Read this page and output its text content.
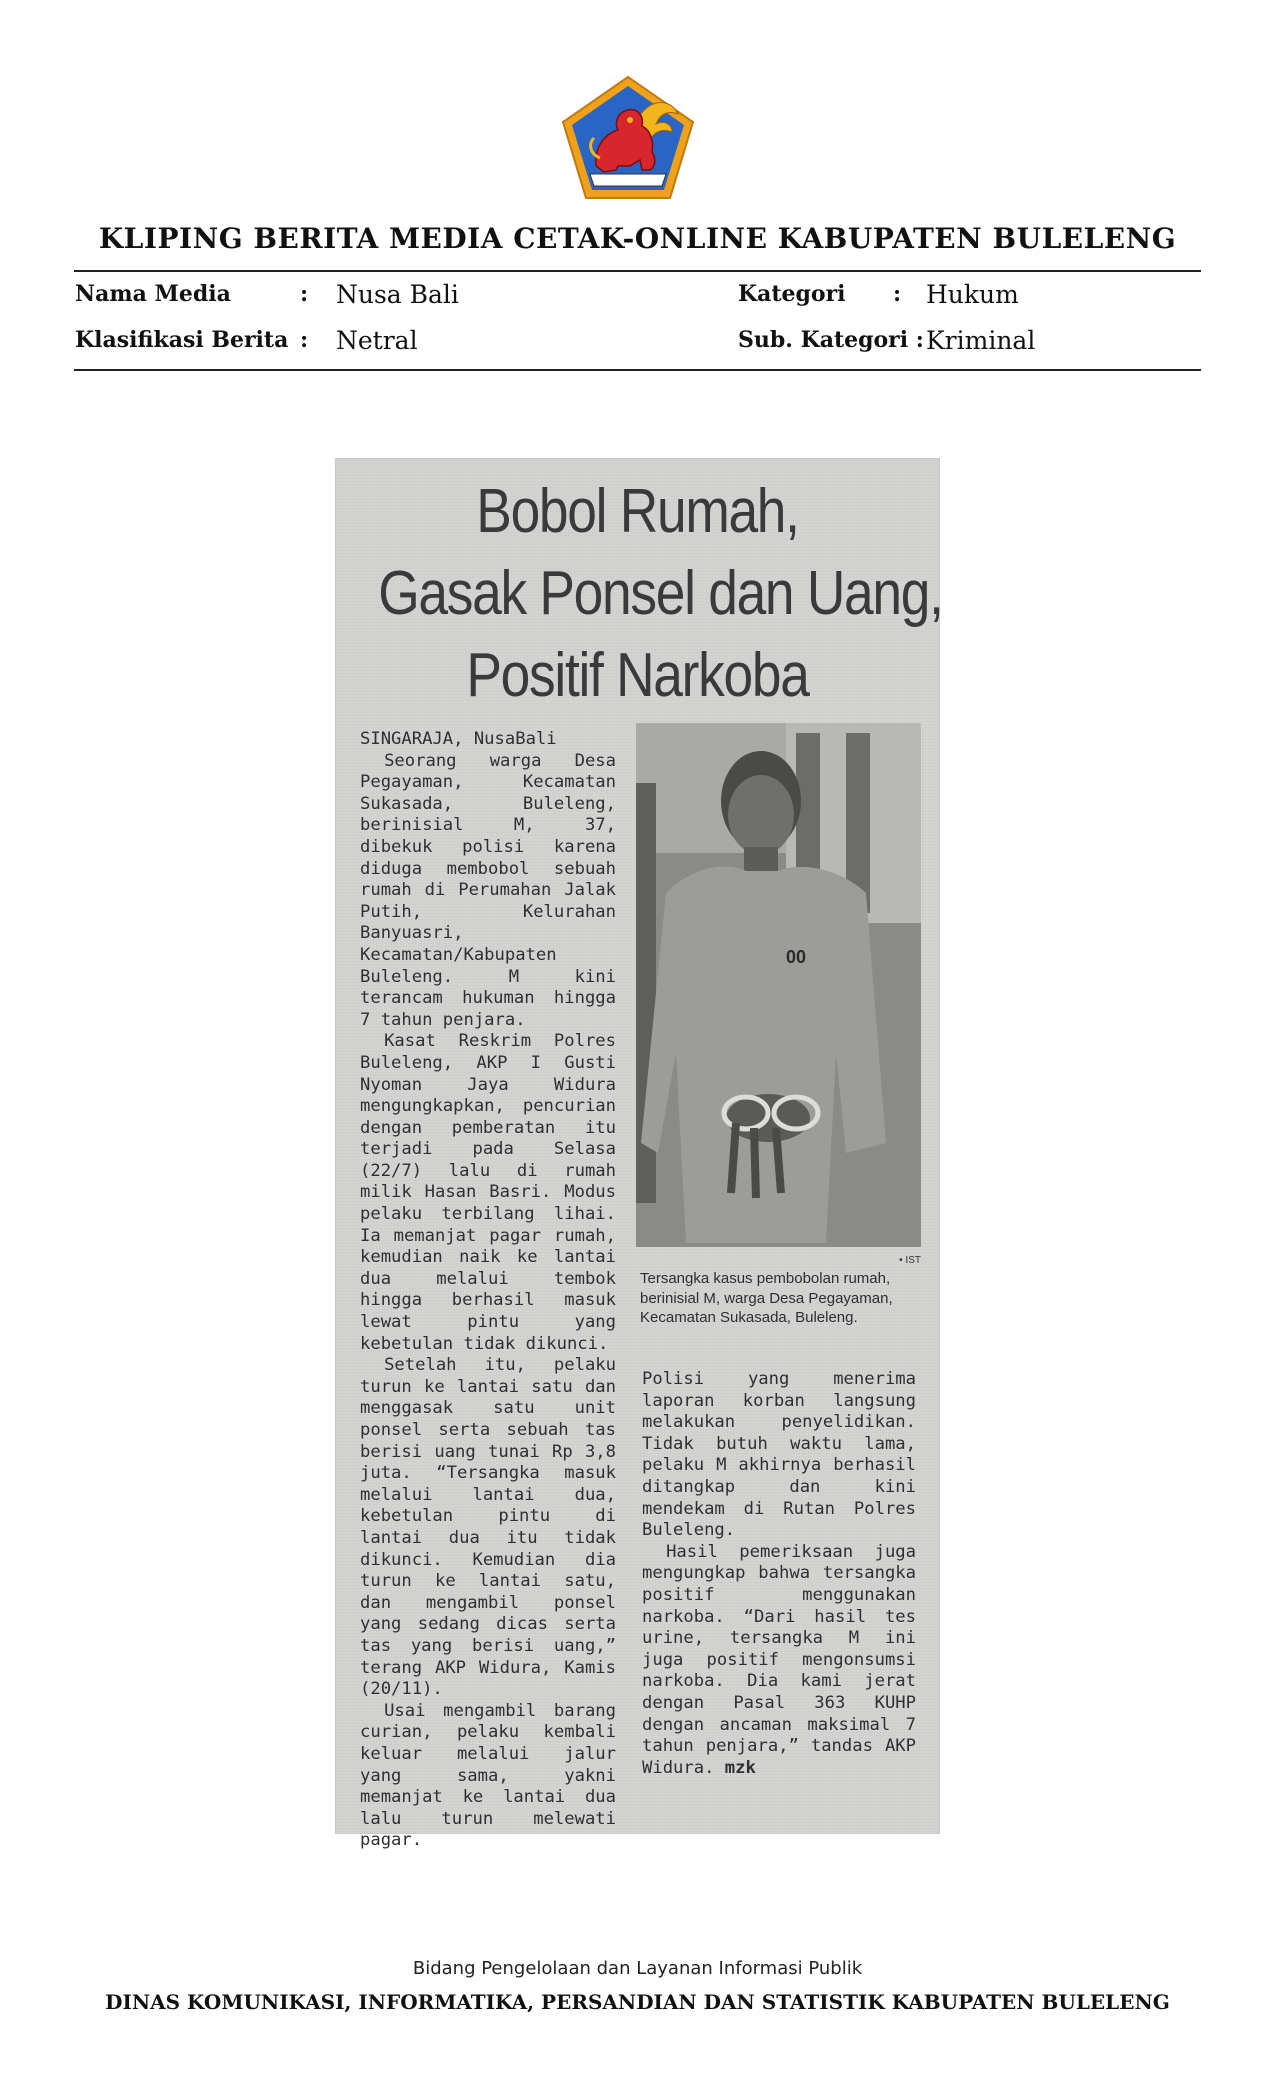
KLIPING BERITA MEDIA CETAK-ONLINE KABUPATEN BULELENG
Nama Media	: Nusa Bali
Klasifikasi Berita : Netral
Kategori : Hukum
Sub. Kategori : Kriminal
Bobol Rumah,
Gasak Ponsel dan Uang,
Positif Narkoba

SINGARAJA, NusaBali

Seorang warga Desa Pegayaman, Kecamatan Sukasada, Buleleng, berinisial M, 37, dibekuk polisi karena diduga membobol sebuah rumah di Perumahan Jalak Putih, Kelurahan Banyuasri, Kecamatan/Kabupaten Buleleng. M kini terancam hukuman hingga 7 tahun penjara.

Kasat Reskrim Polres Buleleng, AKP I Gusti Nyoman Jaya Widura mengungkapkan, pencurian dengan pemberatan itu terjadi pada Selasa (22/7) lalu di rumah milik Hasan Basri. Modus pelaku terbilang lihai. Ia memanjat pagar rumah, kemudian naik ke lantai dua melalui tembok hingga berhasil masuk lewat pintu yang kebetulan tidak dikunci.

Setelah itu, pelaku turun ke lantai satu dan menggasak satu unit ponsel serta sebuah tas berisi uang tunai Rp 3,8 juta. “Tersangka masuk melalui lantai dua, kebetulan pintu di lantai dua itu tidak dikunci. Kemudian dia turun ke lantai satu, dan mengambil ponsel yang sedang dicas serta tas yang berisi uang,” terang AKP Widura, Kamis (20/11).

Usai mengambil barang curian, pelaku kembali keluar melalui jalur yang sama, yakni memanjat ke lantai dua lalu turun melewati pagar.

00
• IST
Tersangka kasus pembobolan rumah, berinisial M, warga Desa Pegayaman, Kecamatan Sukasada, Buleleng.

Polisi yang menerima laporan korban langsung melakukan penyelidikan. Tidak butuh waktu lama, pelaku M akhirnya berhasil ditangkap dan kini mendekam di Rutan Polres Buleleng.

Hasil pemeriksaan juga mengungkap bahwa tersangka positif menggunakan narkoba. “Dari hasil tes urine, tersangka M ini juga positif mengonsumsi narkoba. Dia kami jerat dengan Pasal 363 KUHP dengan ancaman maksimal 7 tahun penjara,” tandas AKP Widura. mzk

Bidang Pengelolaan dan Layanan Informasi Publik
DINAS KOMUNIKASI, INFORMATIKA, PERSANDIAN DAN STATISTIK KABUPATEN BULELENG
